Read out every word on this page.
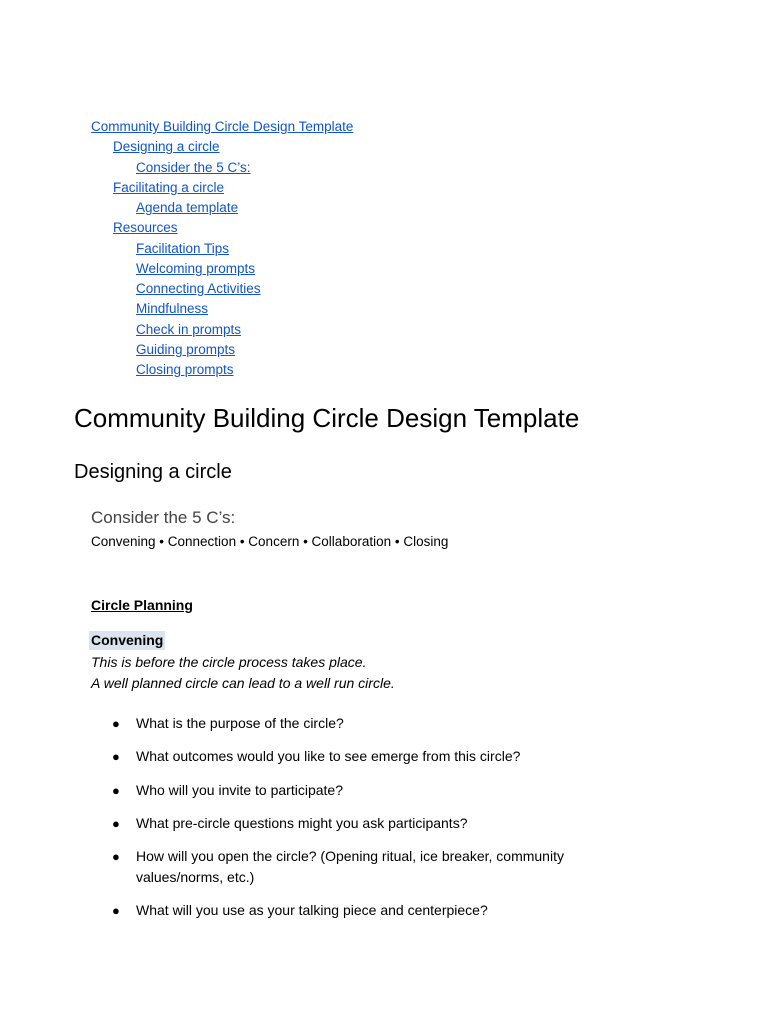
Community Building Circle Design Template
Designing a circle
Consider the 5 C’s:
Facilitating a circle
Agenda template
Resources
Facilitation Tips
Welcoming prompts
Connecting Activities
Mindfulness
Check in prompts
Guiding prompts
Closing prompts
Community Building Circle Design Template
Designing a circle
Consider the 5 C’s:
Convening • Connection • Concern • Collaboration • Closing
Circle Planning
Convening
This is before the circle process takes place.
A well planned circle can lead to a well run circle.
●	What is the purpose of the circle?
●	What outcomes would you like to see emerge from this circle?
●	Who will you invite to participate?
●	What pre-circle questions might you ask participants?
●	How will you open the circle? (Opening ritual, ice breaker, community values/norms, etc.)
●	What will you use as your talking piece and centerpiece?
